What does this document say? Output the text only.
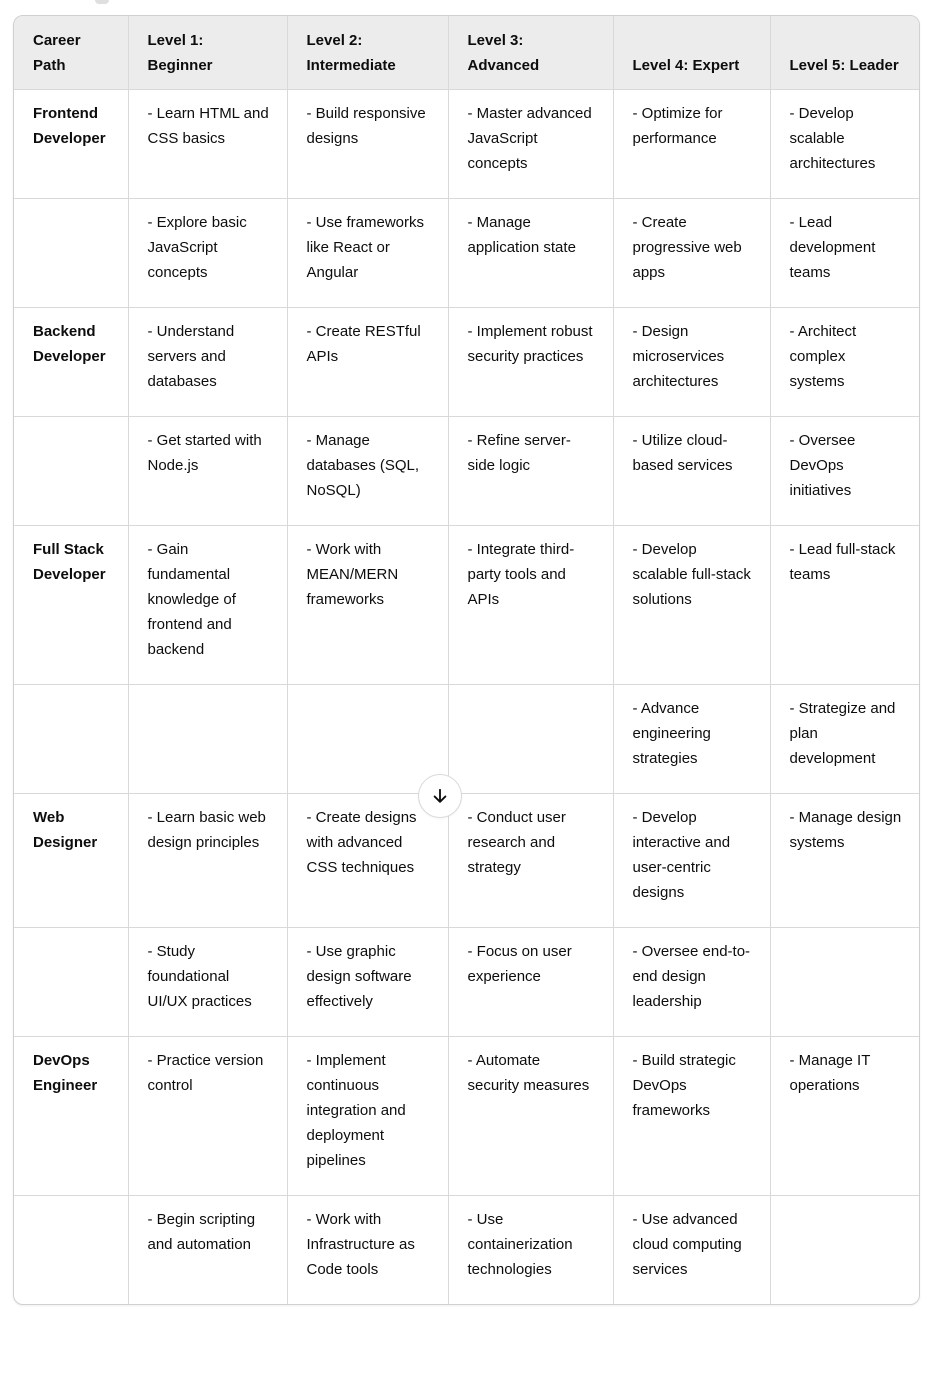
Career Path	Level 1: Beginner	Level 2: Intermediate	Level 3: Advanced	Level 4: Expert	Level 5: Leader
Frontend Developer	- Learn HTML and CSS basics	- Build responsive designs	- Master advanced JavaScript concepts	- Optimize for performance	- Develop scalable architectures
	- Explore basic JavaScript concepts	- Use frameworks like React or Angular	- Manage application state	- Create progressive web apps	- Lead development teams
Backend Developer	- Understand servers and databases	- Create RESTful APIs	- Implement robust security practices	- Design microservices architectures	- Architect complex systems
	- Get started with Node.js	- Manage databases (SQL, NoSQL)	- Refine server-side logic	- Utilize cloud-based services	- Oversee DevOps initiatives
Full Stack Developer	- Gain fundamental knowledge of frontend and backend	- Work with MEAN/MERN frameworks	- Integrate third-party tools and APIs	- Develop scalable full-stack solutions	- Lead full-stack teams
				- Advance engineering strategies	- Strategize and plan development
Web Designer	- Learn basic web design principles	- Create designs with advanced CSS techniques	- Conduct user research and strategy	- Develop interactive and user-centric designs	- Manage design systems
	- Study foundational UI/UX practices	- Use graphic design software effectively	- Focus on user experience	- Oversee end-to-end design leadership	
DevOps Engineer	- Practice version control	- Implement continuous integration and deployment pipelines	- Automate security measures	- Build strategic DevOps frameworks	- Manage IT operations
	- Begin scripting and automation	- Work with Infrastructure as Code tools	- Use containerization technologies	- Use advanced cloud computing services	
